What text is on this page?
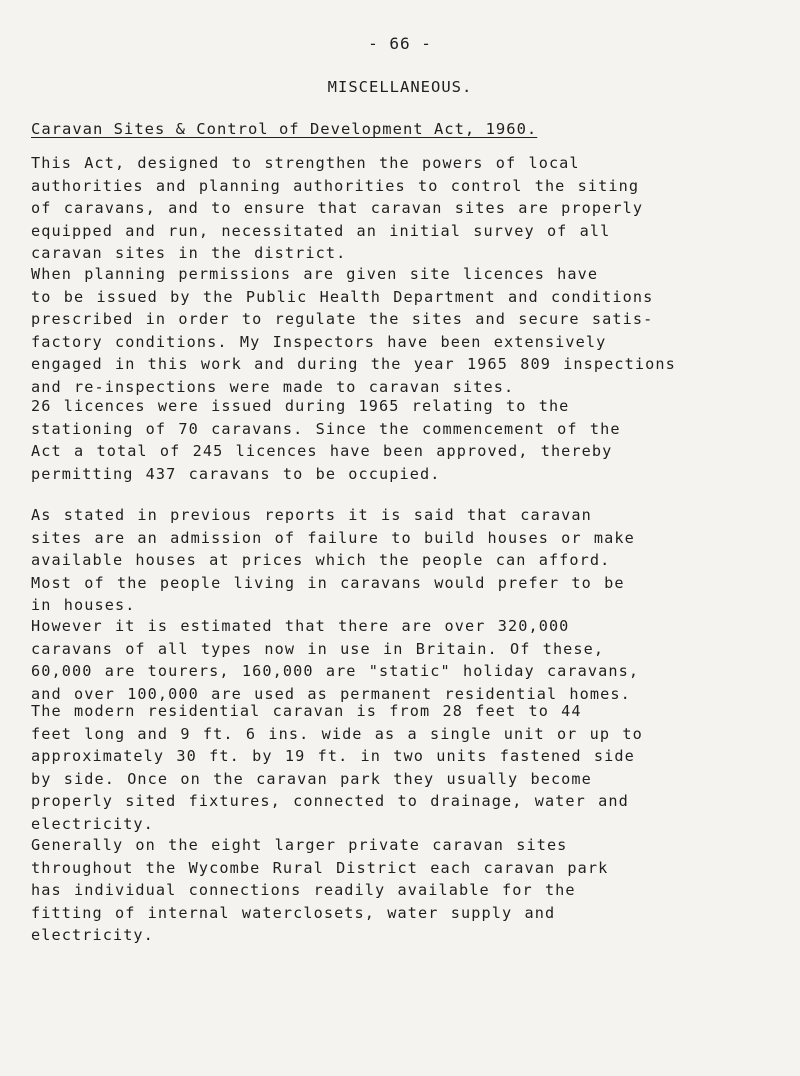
- 66 -
MISCELLANEOUS.
Caravan Sites & Control of Development Act, 1960.

This Act, designed to strengthen the powers of local
authorities and planning authorities to control the siting
of caravans, and to ensure that caravan sites are properly
equipped and run, necessitated an initial survey of all
caravan sites in the district.

When planning permissions are given site licences have
to be issued by the Public Health Department and conditions
prescribed in order to regulate the sites and secure satis-
factory conditions. My Inspectors have been extensively
engaged in this work and during the year 1965 809 inspections
and re-inspections were made to caravan sites.

26 licences were issued during 1965 relating to the
stationing of 70 caravans. Since the commencement of the
Act a total of 245 licences have been approved, thereby
permitting 437 caravans to be occupied.

As stated in previous reports it is said that caravan
sites are an admission of failure to build houses or make
available houses at prices which the people can afford.
Most of the people living in caravans would prefer to be
in houses.

However it is estimated that there are over 320,000
caravans of all types now in use in Britain. Of these,
60,000 are tourers, 160,000 are "static" holiday caravans,
and over 100,000 are used as permanent residential homes.

The modern residential caravan is from 28 feet to 44
feet long and 9 ft. 6 ins. wide as a single unit or up to
approximately 30 ft. by 19 ft. in two units fastened side
by side. Once on the caravan park they usually become
properly sited fixtures, connected to drainage, water and
electricity.

Generally on the eight larger private caravan sites
throughout the Wycombe Rural District each caravan park
has individual connections readily available for the
fitting of internal waterclosets, water supply and
electricity.
